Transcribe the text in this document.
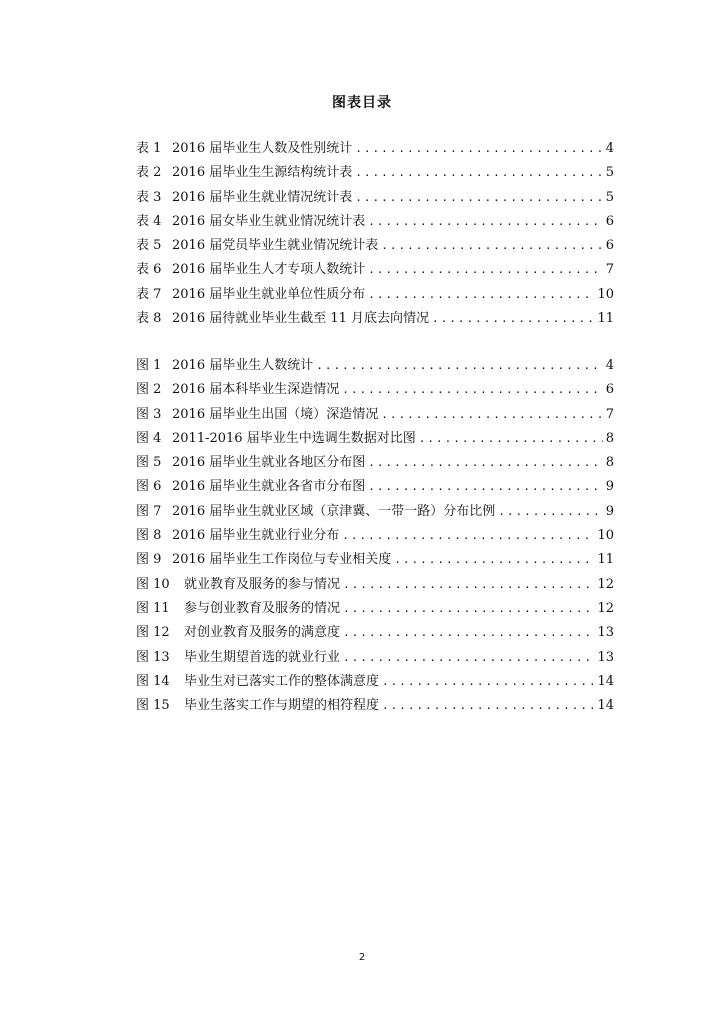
图表目录
表 1 2016 届毕业生人数及性别统计 .....	4
表 2 2016 届毕业生生源结构统计表 .....	5
表 3 2016 届毕业生就业情况统计表 .....	5
表 4 2016 届女毕业生就业情况统计表 .....	6
表 5 2016 届党员毕业生就业情况统计表 .....	6
表 6 2016 届毕业生人才专项人数统计 .....	7
表 7 2016 届毕业生就业单位性质分布 .....	10
表 8 2016 届待就业毕业生截至 11 月底去向情况 .....	11
图 1 2016 届毕业生人数统计 .....	4
图 2 2016 届本科毕业生深造情况 .....	6
图 3 2016 届毕业生出国（境）深造情况 .....	7
图 4 2011-2016 届毕业生中选调生数据对比图 .....	8
图 5 2016 届毕业生就业各地区分布图 .....	8
图 6 2016 届毕业生就业各省市分布图 .....	9
图 7 2016 届毕业生就业区域（京津冀、一带一路）分布比例 .....	9
图 8 2016 届毕业生就业行业分布 .....	10
图 9 2016 届毕业生工作岗位与专业相关度 .....	11
图 10	就业教育及服务的参与情况 .....	12
图 11	参与创业教育及服务的情况 .....	12
图 12	对创业教育及服务的满意度 .....	13
图 13	毕业生期望首选的就业行业 .....	13
图 14	毕业生对已落实工作的整体满意度 .....	14
图 15	毕业生落实工作与期望的相符程度 .....	14
2
